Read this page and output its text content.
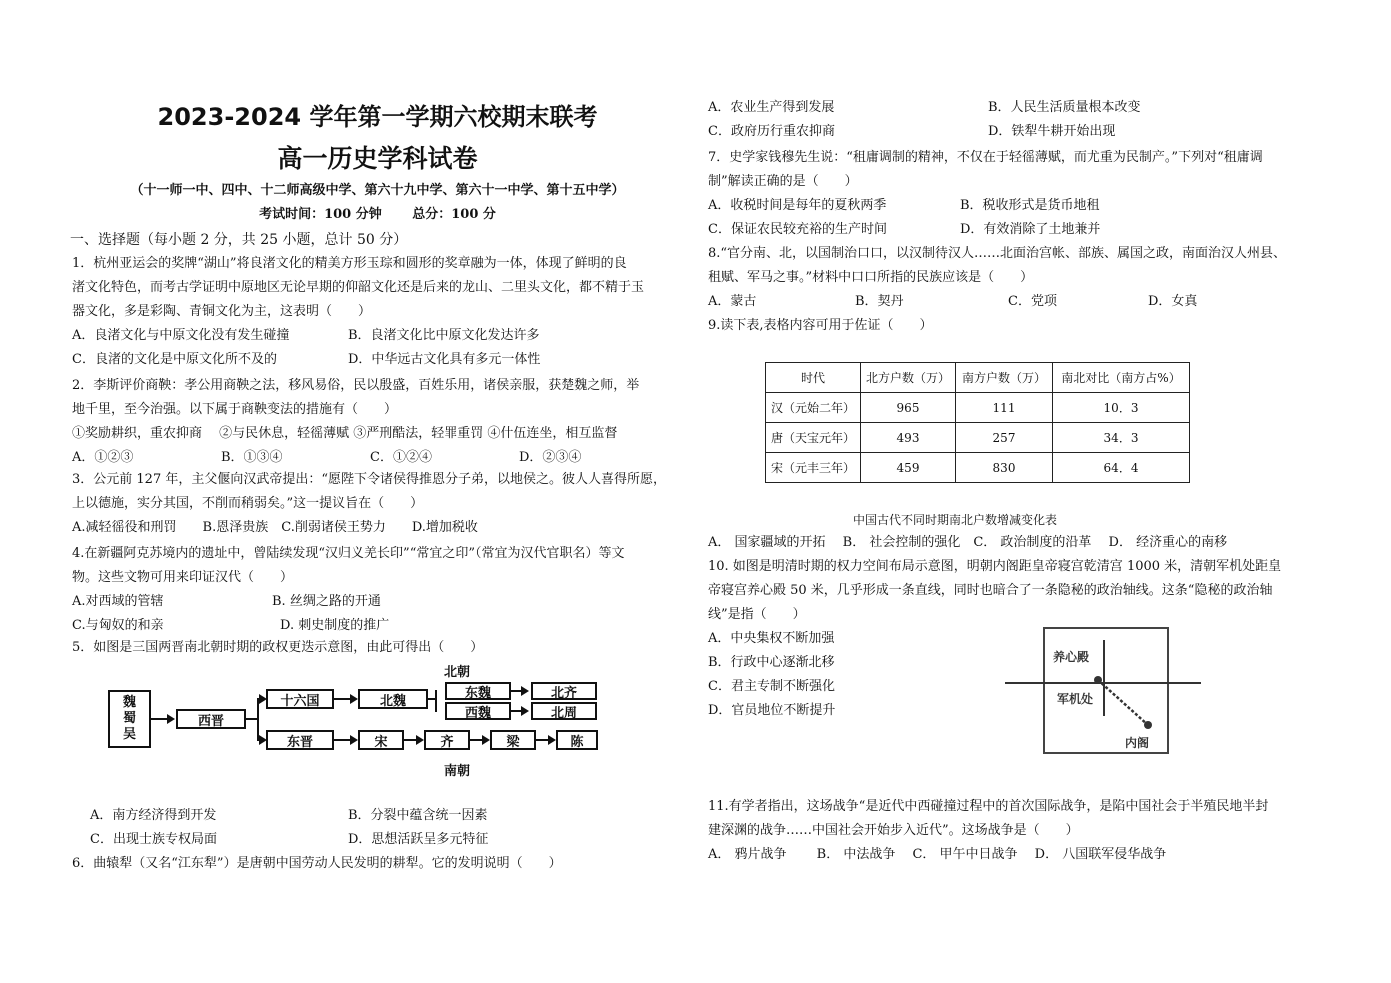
2023-2024 学年第一学期六校期末联考
高一历史学科试卷
（十一师一中、四中、十二师高级中学、第六十九中学、第六十一中学、第十五中学）
考试时间：100 分钟 　　总分：100 分
一、选择题（每小题 2 分，共 25 小题，总计 50 分）
1．杭州亚运会的奖牌“湖山”将良渚文化的精美方形玉琮和圆形的奖章融为一体，体现了鲜明的良
渚文化特色，而考古学证明中原地区无论早期的仰韶文化还是后来的龙山、二里头文化，都不精于玉
器文化，多是彩陶、青铜文化为主，这表明（　　）
A．良渚文化与中原文化没有发生碰撞	B．良渚文化比中原文化发达许多
C．良渚的文化是中原文化所不及的	D．中华远古文化具有多元一体性
2．李斯评价商鞅：孝公用商鞅之法，移风易俗，民以殷盛，百姓乐用，诸侯亲服，获楚魏之师，举
地千里，至今治强。以下属于商鞅变法的措施有（　　）
①奖励耕织，重农抑商　 ②与民休息，轻徭薄赋 ③严刑酷法，轻罪重罚 ④什伍连坐，相互监督
A．①②③	B．①③④	C．①②④	D．②③④
3．公元前 127 年，主父偃向汉武帝提出：“愿陛下令诸侯得推恩分子弟，以地侯之。彼人人喜得所愿，
上以德施，实分其国，不削而稍弱矣。”这一提议旨在（　　）
A.减轻徭役和刑罚　　B.恩泽贵族　C.削弱诸侯王势力　　D.增加税收
4.在新疆阿克苏境内的遗址中，曾陆续发现“汉归义羌长印”“常宜之印”（常宜为汉代官职名）等文
物。这些文物可用来印证汉代（　　）
A.对西域的管辖	B. 丝绸之路的开通
C.与匈奴的和亲	D. 刺史制度的推广
5．如图是三国两晋南北朝时期的政权更迭示意图，由此可得出（　　）
北朝
南朝
魏
蜀
吴
西晋
十六国	北魏
东魏
西魏
北齐
北周
东晋	宋	齐	梁	陈
A．南方经济得到开发	B．分裂中蕴含统一因素
C．出现士族专权局面	D．思想活跃呈多元特征
6．曲辕犁（又名“江东犁”）是唐朝中国劳动人民发明的耕犁。它的发明说明（　　）
A．农业生产得到发展	B．人民生活质量根本改变
C．政府历行重农抑商	D．铁犁牛耕开始出现
7．史学家钱穆先生说：“租庸调制的精神，不仅在于轻徭薄赋，而尤重为民制产。”下列对“租庸调
制”解读正确的是（　　）
A．收税时间是每年的夏秋两季	B．税收形式是货币地租
C．保证农民较充裕的生产时间	D．有效消除了土地兼并
8.“官分南、北，以国制治口口，以汉制待汉人……北面治宫帐、部族、属国之政，南面治汉人州县、
租赋、军马之事。”材料中口口所指的民族应该是（　　）
A．蒙古	B．契丹	C．党项	D．女真
9.读下表,表格内容可用于佐证（　　）
时代	北方户数（万）	南方户数（万）	南北对比（南方占%）
汉（元始二年）	965	111	10．3
唐（天宝元年）	493	257	34．3
宋（元丰三年）	459	830	64．4
中国古代不同时期南北户数增减变化表
A． 国家疆域的开拓　 B． 社会控制的强化　C． 政治制度的沿革　 D． 经济重心的南移
10. 如图是明清时期的权力空间布局示意图，明朝内阁距皇帝寝宫乾清宫 1000 米，清朝军机处距皇
帝寝宫养心殿 50 米，几乎形成一条直线，同时也暗合了一条隐秘的政治轴线。这条“隐秘的政治轴
线”是指（　　）
A．中央集权不断加强
B．行政中心逐渐北移
C．君主专制不断强化
D．官员地位不断提升
养心殿
军机处
内阁
11.有学者指出，这场战争“是近代中西碰撞过程中的首次国际战争，是陷中国社会于半殖民地半封
建深渊的战争……中国社会开始步入近代”。这场战争是（　　）
A． 鸦片战争　　 B． 中法战争　 C． 甲午中日战争　 D． 八国联军侵华战争
